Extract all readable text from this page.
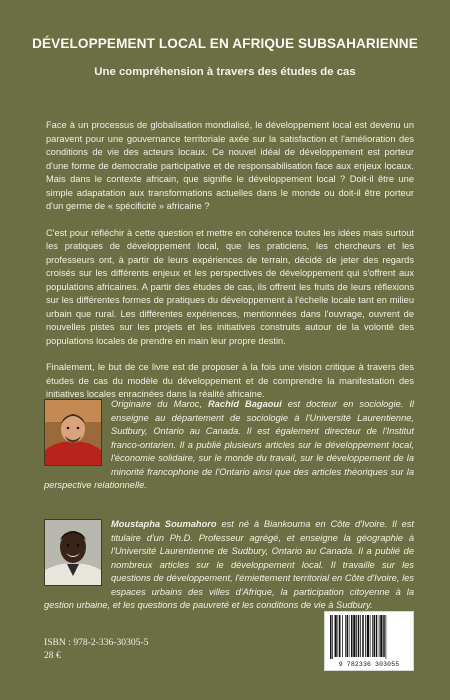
DÉVELOPPEMENT LOCAL EN AFRIQUE SUBSAHARIENNE
Une compréhension à travers des études de cas

Face à un processus de globalisation mondialisé, le développement local est devenu un paravent pour une gouvernance territoriale axée sur la satisfaction et l'amélioration des conditions de vie des acteurs locaux. Ce nouvel idéal de développement est porteur d'une forme de democratie participative et de responsabilisation face aux enjeux locaux. Mais dans le contexte africain, que signifie le développement local ? Doit-il être une simple adapatation aux transformations actuelles dans le monde ou doit-il être porteur d'un germe de « spécificité » africaine ?

C'est pour réfléchir à cette question et mettre en cohérence toutes les idées mais surtout les pratiques de développement local, que les praticiens, les chercheurs et les professeurs ont, à partir de leurs expériences de terrain, décidé de jeter des regards croisés sur les différents enjeux et les perspectives de développement qui s'offrent aux populations africaines. A partir des études de cas, ils offrent les fruits de leurs réflexions sur les différentes formes de pratiques du développement à l'échelle locale tant en milieu urbain que rural. Les différentes expériences, mentionnées dans l'ouvrage, ouvrent de nouvelles pistes sur les projets et les initiatives construits autour de la volonté des populations locales de prendre en main leur propre destin.

Finalement, le but de ce livre est de proposer à la fois une vision critique à travers des études de cas du modèle du développement et de comprendre la manifestation des initiatives locales enracinées dans la réalité africaine.

Originaire du Maroc, Rachid Bagaoui est docteur en sociologie. Il enseigne au département de sociologie à l'Université Laurentienne, Sudbury, Ontario au Canada. Il est également directeur de l'Institut franco-ontarien. Il a publié plusieurs articles sur le développement local, l'économie solidaire, sur le monde du travail, sur le développement de la minorité francophone de l'Ontario ainsi que des articles théoriques sur la perspective relationnelle.
Moustapha Soumahoro est né à Biankouma en Côte d'Ivoire. Il est titulaire d'un Ph.D. Professeur agrégé, et enseigne la géographie à l'Université Laurentienne de Sudbury, Ontario au Canada. Il a publié de nombreux articles sur le développement local. Il travaille sur les questions de développement, l'émiettement territorial en Côte d'Ivoire, les espaces urbains des villes d'Afrique, la participation citoyenne à la gestion urbaine, et les questions de pauvreté et les conditions de vie à Sudbury.
ISBN : 978-2-336-30305-5
28 €
9 782336 303055
